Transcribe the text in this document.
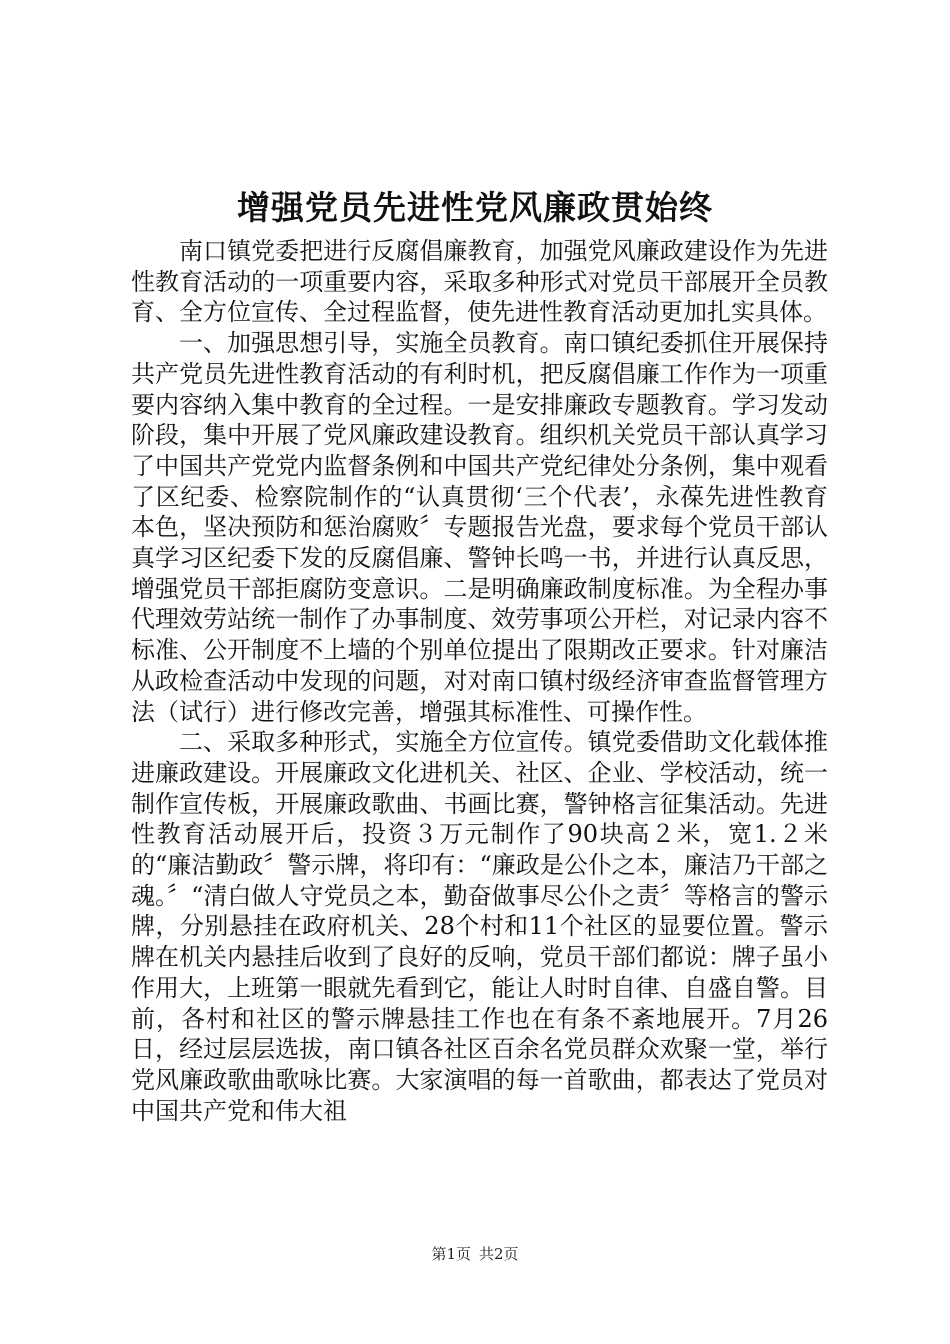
增强党员先进性党风廉政贯始终

南口镇党委把进行反腐倡廉教育，加强党风廉政建设作为先进性教育活动的一项重要内容，采取多种形式对党员干部展开全员教育、全方位宣传、全过程监督，使先进性教育活动更加扎实具体。

一、加强思想引导，实施全员教育。南口镇纪委抓住开展保持共产党员先进性教育活动的有利时机，把反腐倡廉工作作为一项重要内容纳入集中教育的全过程。一是安排廉政专题教育。学习发动阶段，集中开展了党风廉政建设教育。组织机关党员干部认真学习了中国共产党党内监督条例和中国共产党纪律处分条例，集中观看了区纪委、检察院制作的“认真贯彻‘三个代表’，永葆先进性教育本色，坚决预防和惩治腐败〞专题报告光盘，要求每个党员干部认真学习区纪委下发的反腐倡廉、警钟长鸣一书，并进行认真反思，增强党员干部拒腐防变意识。二是明确廉政制度标准。为全程办事代理效劳站统一制作了办事制度、效劳事项公开栏，对记录内容不标准、公开制度不上墙的个别单位提出了限期改正要求。针对廉洁从政检查活动中发现的问题，对对南口镇村级经济审查监督管理方法（试行）进行修改完善，增强其标准性、可操作性。

二、采取多种形式，实施全方位宣传。镇党委借助文化载体推进廉政建设。开展廉政文化进机关、社区、企业、学校活动，统一制作宣传板，开展廉政歌曲、书画比赛，警钟格言征集活动。先进性教育活动展开后，投资３万元制作了90块高２米，宽1.２米的“廉洁勤政〞警示牌，将印有：“廉政是公仆之本，廉洁乃干部之魂。〞“清白做人守党员之本，勤奋做事尽公仆之责〞等格言的警示牌，分别悬挂在政府机关、28个村和11个社区的显要位置。警示牌在机关内悬挂后收到了良好的反响，党员干部们都说：牌子虽小作用大，上班第一眼就先看到它，能让人时时自律、自盛自警。目前，各村和社区的警示牌悬挂工作也在有条不紊地展开。7月26日，经过层层选拔，南口镇各社区百余名党员群众欢聚一堂，举行党风廉政歌曲歌咏比赛。大家演唱的每一首歌曲，都表达了党员对中国共产党和伟大祖

第1页 共2页
